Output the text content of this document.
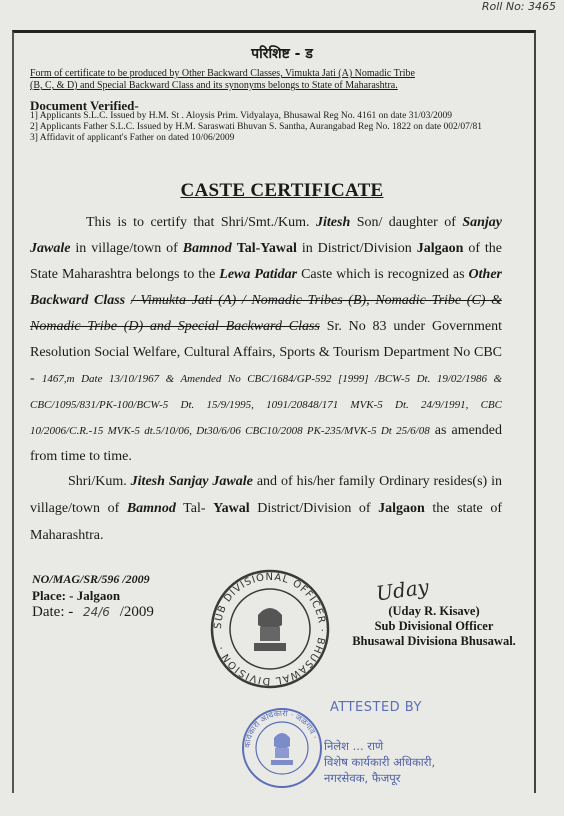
Roll No: 3465
परिशिष्ट - ड
Form of certificate to be produced by Other Backward Classes, Vimukta Jati (A) Nomadic Tribe
(B, C, & D) and Special Backward Class and its synonyms belongs to State of Maharashtra.
Document Verified-
1] Applicants S.L.C. Issued by H.M. St . Aloysis Prim. Vidyalaya, Bhusawal Reg No. 4161 on date 31/03/2009
2] Applicants Father S.L.C. Issued by H.M. Saraswati Bhuvan S. Santha, Aurangabad Reg No. 1822 on date 002/07/81
3] Affidavit of applicant's Father on dated 10/06/2009
CASTE CERTIFICATE
This is to certify that Shri/Smt./Kum. Jitesh Son/ daughter of Sanjay Jawale in village/town of Bamnod Tal-Yawal in District/Division Jalgaon of the State Maharashtra belongs to the Lewa Patidar Caste which is recognized as Other Backward Class / Vimukta Jati (A) / Nomadic Tribes (B), Nomadic Tribe (C) & Nomadic Tribe (D) and Special Backward Class Sr. No 83 under Government Resolution Social Welfare, Cultural Affairs, Sports & Tourism Department No CBC - 1467,m Date 13/10/1967 & Amended No CBC/1684/GP-592 [1999] /BCW-5 Dt. 19/02/1986 & CBC/1095/831/PK-100/BCW-5 Dt. 15/9/1995, 1091/20848/171 MVK-5 Dt. 24/9/1991, CBC 10/2006/C.R.-15 MVK-5 dt.5/10/06, Dt30/6/06 CBC10/2008 PK-235/MVK-5 Dt 25/6/08 as amended from time to time.
Shri/Kum. Jitesh Sanjay Jawale and of his/her family Ordinary resides(s) in village/town of Bamnod Tal- Yawal District/Division of Jalgaon the state of Maharashtra.
NO/MAG/SR/596 /2009
Place: - Jalgaon
Date: - 24/6 /2009
SUB DIVISIONAL OFFICER · BHUSAWAL DIVISION ·
Uday
(Uday R. Kisave)
Sub Divisional Officer
Bhusawal Divisiona Bhusawal.
कार्यकारी अधिकारी · जळगांव ·
ATTESTED BY
निलेश ... राणे
विशेष कार्यकारी अधिकारी,
नगरसेवक, फैजपूर
